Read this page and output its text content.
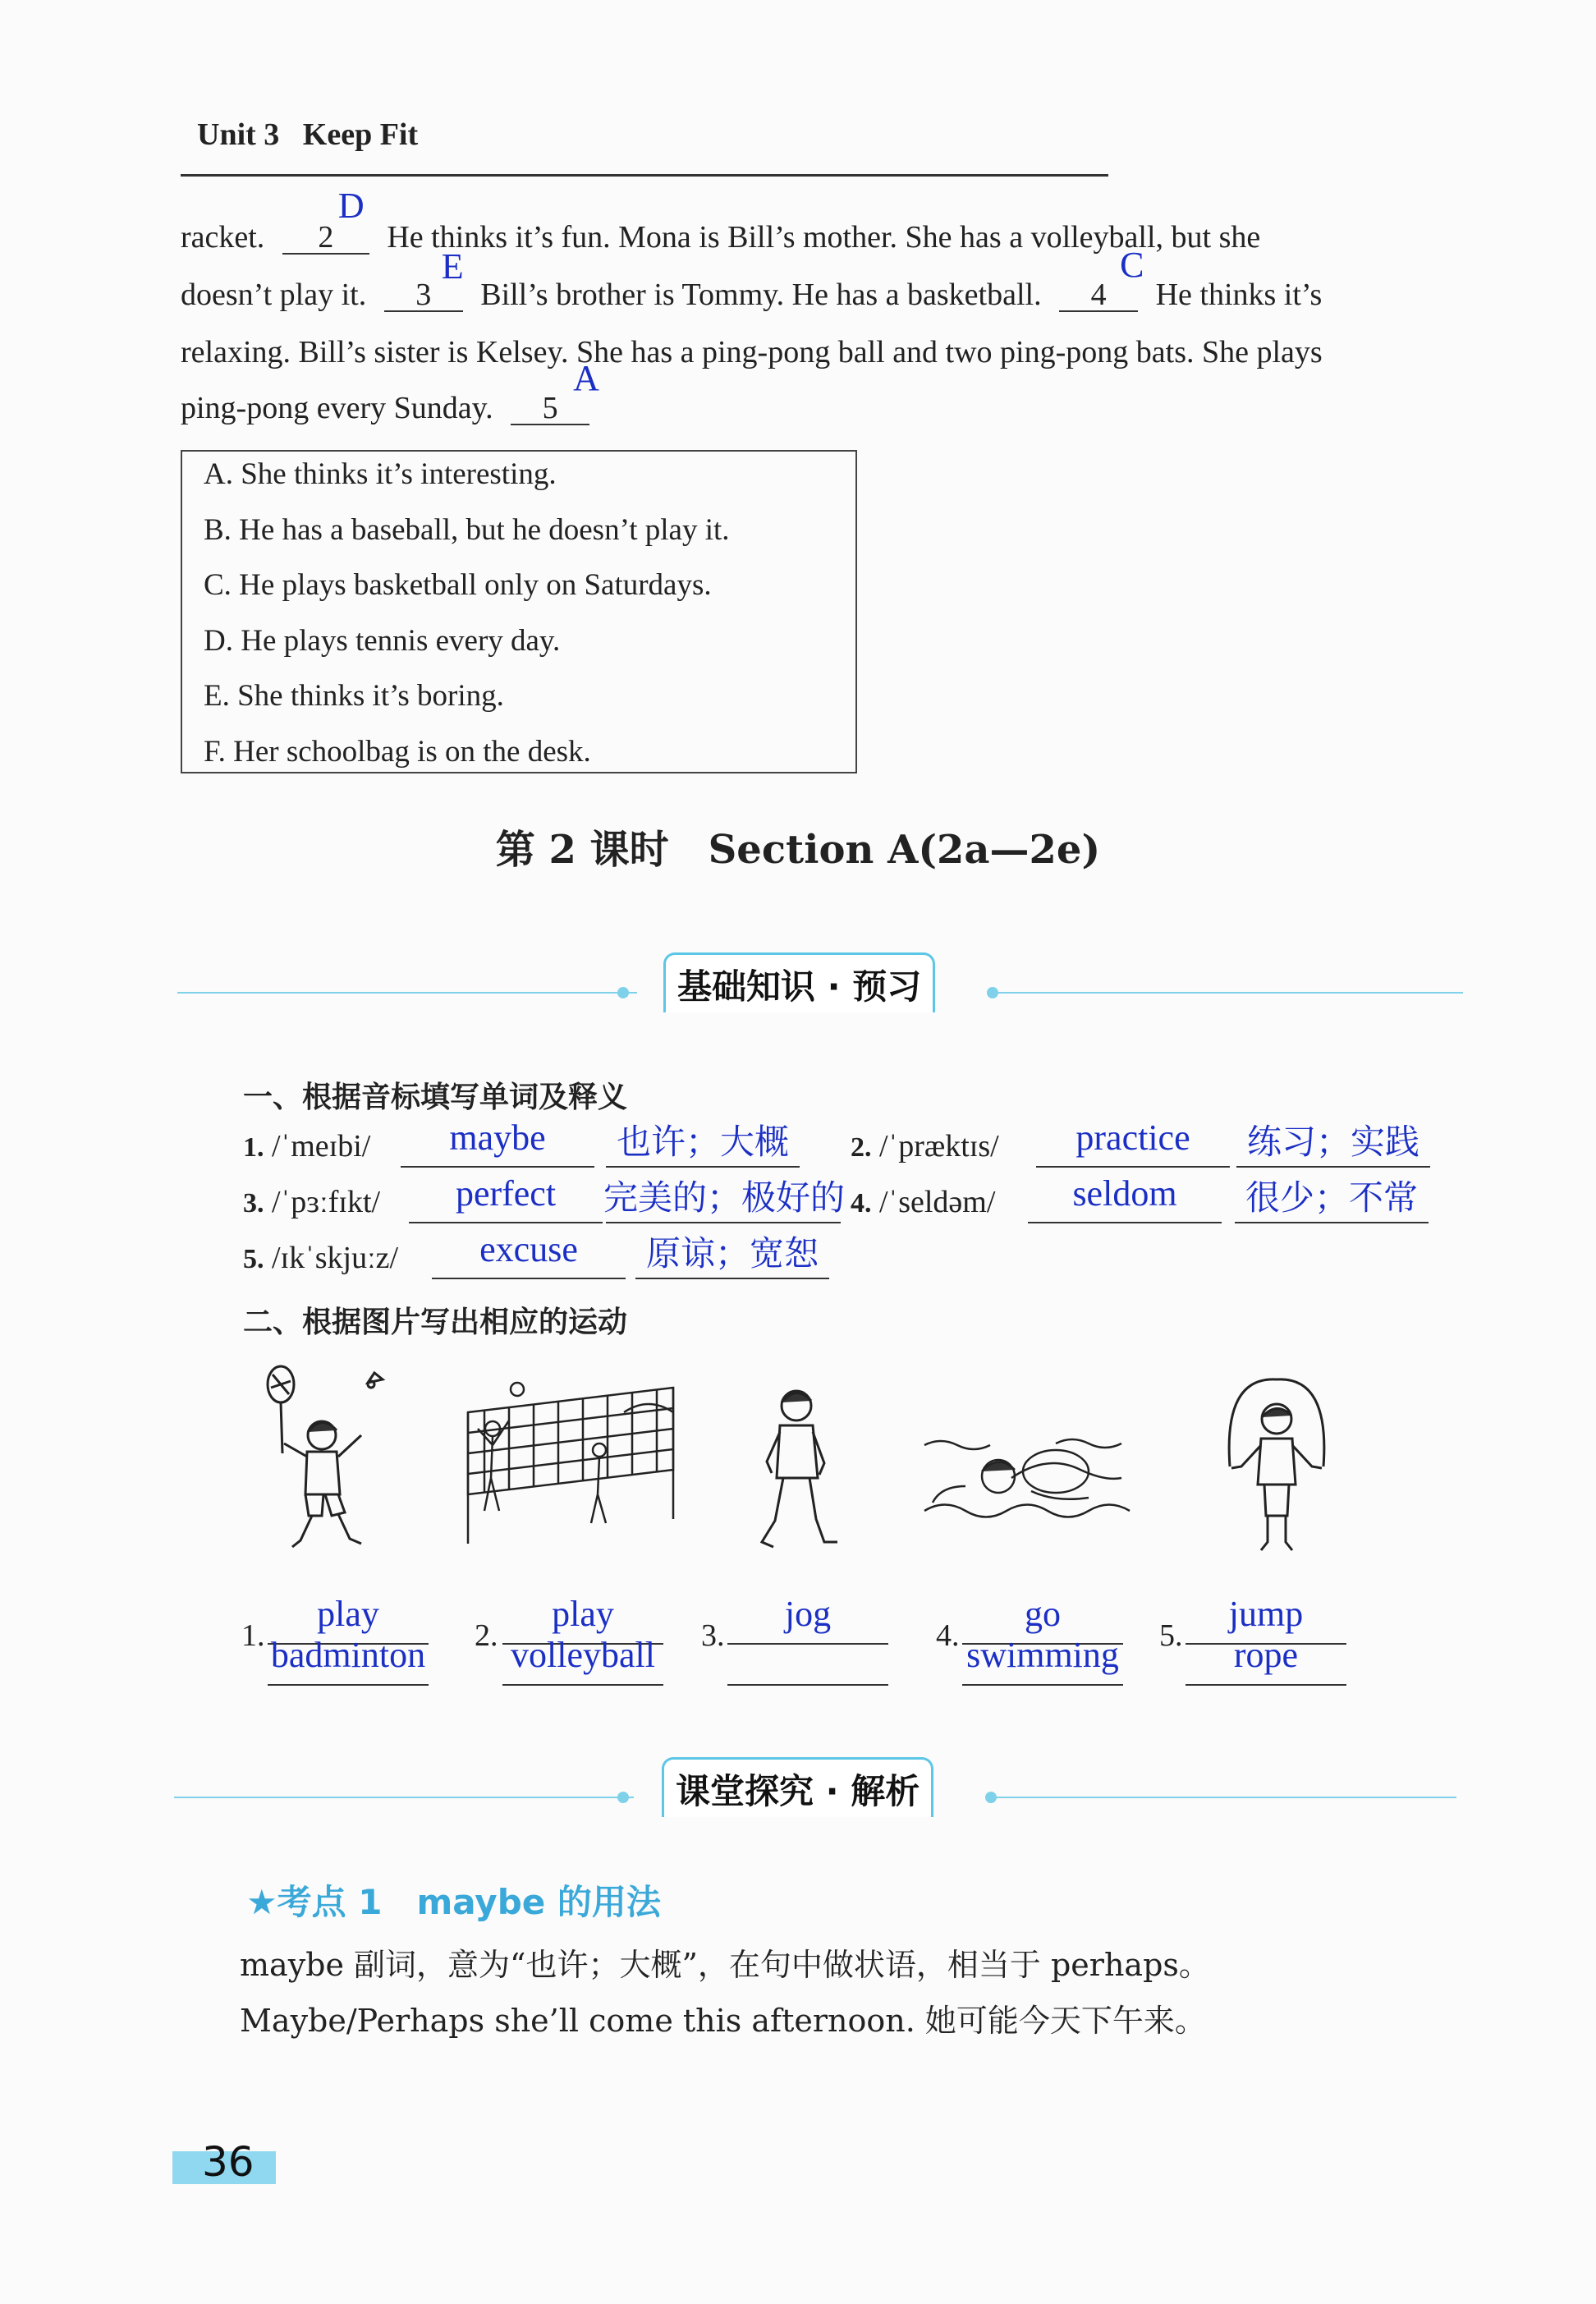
Unit 3 Keep Fit
racket. 2
D
He thinks it’s fun. Mona is Bill’s mother. She has a volleyball, but she
doesn’t play it. 3
E
Bill’s brother is Tommy. He has a basketball. 4
C
He thinks it’s
relaxing. Bill’s sister is Kelsey. She has a ping-pong ball and two ping-pong bats. She plays
ping-pong every Sunday. 5
A
A. She thinks it’s interesting.
B. He has a baseball, but he doesn’t play it.
C. He plays basketball only on Saturdays.
D. He plays tennis every day.
E. She thinks it’s boring.
F. Her schoolbag is on the desk.
第 2 课时　Section A(2a—2e)
基础知识 · 预习
一、根据音标填写单词及释义
1. /ˈmeɪbi/	maybe	也许；大概	2. /ˈpræktɪs/	practice	练习；实践
3. /ˈpɜːfɪkt/	perfect	完美的；极好的 4. /ˈseldəm/	seldom	很少；不常
5. /ɪkˈskjuːz/	excuse	原谅；宽恕
二、根据图片写出相应的运动
1.
play
badminton 2.
play
volleyball 3.
jog
4.
go
swimming 5.
jump
rope
课堂探究 · 解析
★考点 1　maybe 的用法
maybe 副词，意为“也许；大概”，在句中做状语，相当于 perhaps。
Maybe/Perhaps she’ll come this afternoon. 她可能今天下午来。
36
